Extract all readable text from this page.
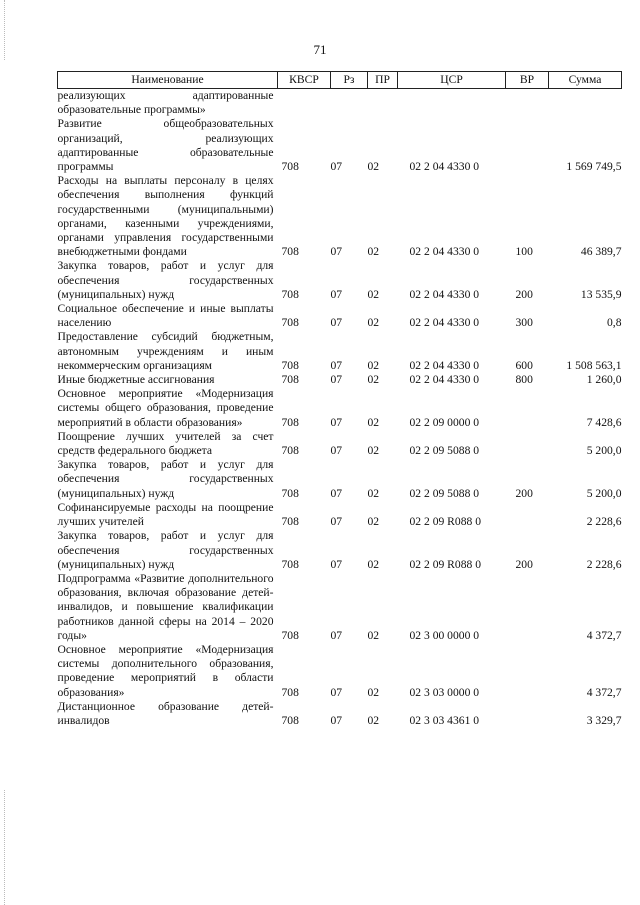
71
Наименование	КВСР	Рз	ПР	ЦСР	ВР	Сумма
реализующих адаптированные образовательные программы»						
Развитие общеобразовательных организаций, реализующих адаптированные образовательные программы	708	07	02	02 2 04 4330 0		1 569 749,5
Расходы на выплаты персоналу в целях обеспечения выполнения функций государственными (муниципальными) органами, казенными учреждениями, органами управления государственными внебюджетными фондами	708	07	02	02 2 04 4330 0	100	46 389,7
Закупка товаров, работ и услуг для обеспечения государственных (муниципальных) нужд	708	07	02	02 2 04 4330 0	200	13 535,9
Социальное обеспечение и иные выплаты населению	708	07	02	02 2 04 4330 0	300	0,8
Предоставление субсидий бюджетным, автономным учреждениям и иным некоммерческим организациям	708	07	02	02 2 04 4330 0	600	1 508 563,1
Иные бюджетные ассигнования	708	07	02	02 2 04 4330 0	800	1 260,0
Основное мероприятие «Модернизация системы общего образования, проведение мероприятий в области образования»	708	07	02	02 2 09 0000 0		7 428,6
Поощрение лучших учителей за счет средств федерального бюджета	708	07	02	02 2 09 5088 0		5 200,0
Закупка товаров, работ и услуг для обеспечения государственных (муниципальных) нужд	708	07	02	02 2 09 5088 0	200	5 200,0
Софинансируемые расходы на поощрение лучших учителей	708	07	02	02 2 09 R088 0		2 228,6
Закупка товаров, работ и услуг для обеспечения государственных (муниципальных) нужд	708	07	02	02 2 09 R088 0	200	2 228,6
Подпрограмма «Развитие дополнительного образования, включая образование детей-инвалидов, и повышение квалификации работников данной сферы на 2014 – 2020 годы»	708	07	02	02 3 00 0000 0		4 372,7
Основное мероприятие «Модернизация системы дополнительного образования, проведение мероприятий в области образования»	708	07	02	02 3 03 0000 0		4 372,7
Дистанционное образование детей-инвалидов	708	07	02	02 3 03 4361 0		3 329,7
